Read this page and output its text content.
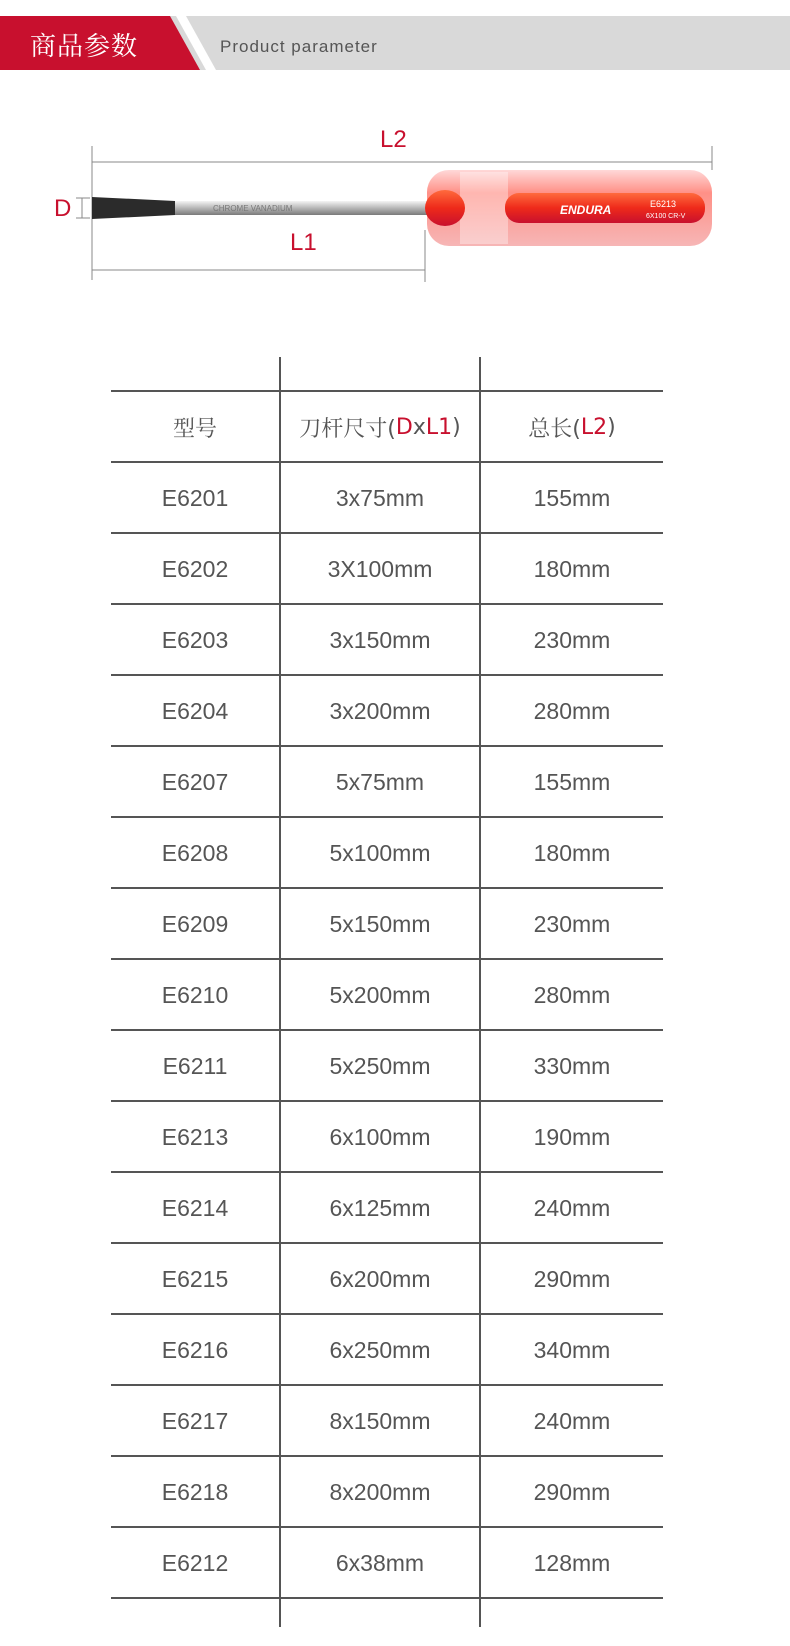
商品参数	Product parameter
L2
CHROME VANADIUM
D
L1
ENDURA	E6213
6X100 CR-V
型号	刀杆尺寸( D x L1 )	总长( L2 )
E6201	3x75mm	155mm
E6202	3X100mm	180mm
E6203	3x150mm	230mm
E6204	3x200mm	280mm
E6207	5x75mm	155mm
E6208	5x100mm	180mm
E6209	5x150mm	230mm
E6210	5x200mm	280mm
E6211	5x250mm	330mm
E6213	6x100mm	190mm
E6214	6x125mm	240mm
E6215	6x200mm	290mm
E6216	6x250mm	340mm
E6217	8x150mm	240mm
E6218	8x200mm	290mm
E6212	6x38mm	128mm
